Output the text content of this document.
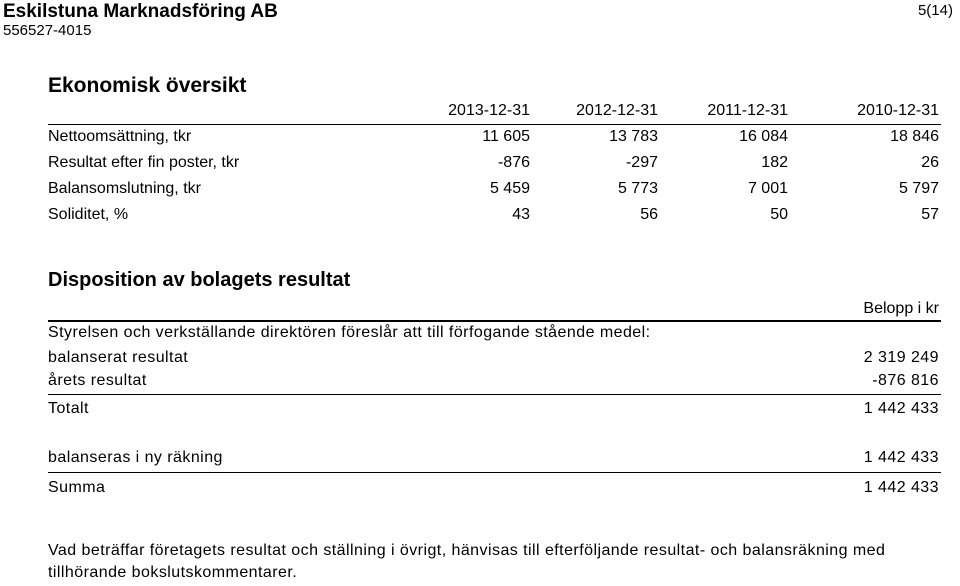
Eskilstuna Marknadsföring AB
556527-4015
5(14)
Ekonomisk översikt
2013-12-31	2012-12-31	2011-12-31	2010-12-31
Nettoomsättning, tkr	11 605	13 783	16 084	18 846
Resultat efter fin poster, tkr	-876	-297	182	26
Balansomslutning, tkr	5 459	5 773	7 001	5 797
Soliditet, %	43	56	50	57
Disposition av bolagets resultat
Belopp i kr
Styrelsen och verkställande direktören föreslår att till förfogande stående medel:
balanserat resultat	2 319 249
årets resultat	-876 816
Totalt	1 442 433
balanseras i ny räkning	1 442 433
Summa	1 442 433
Vad beträffar företagets resultat och ställning i övrigt, hänvisas till efterföljande resultat- och balansräkning med tillhörande bokslutskommentarer.
